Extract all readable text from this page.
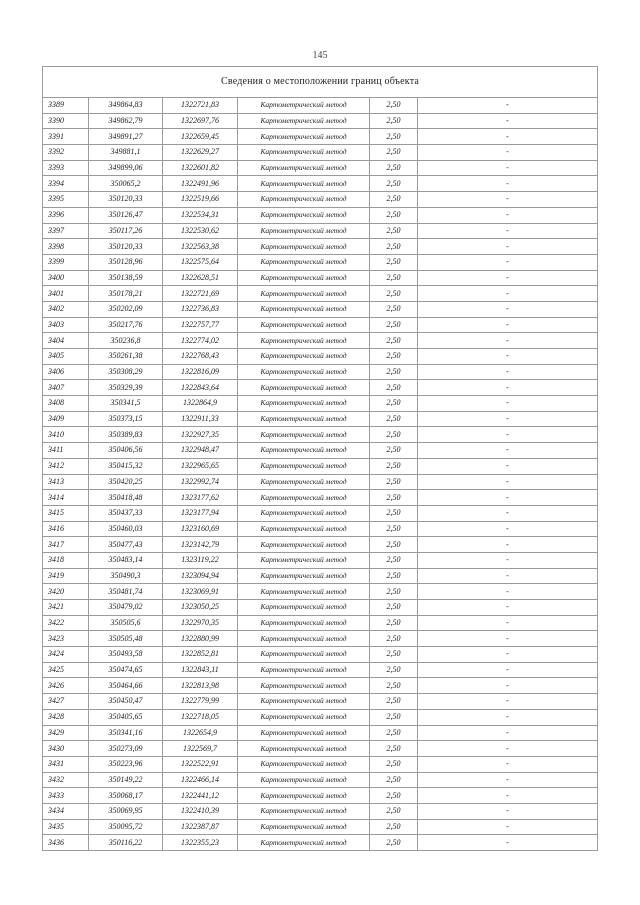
145
Сведения о местоположении границ объекта					
3389	349864,83	1322721,83	Картометрический метод	2,50	-
3390	349862,79	1322697,76	Картометрический метод	2,50	-
3391	349891,27	1322659,45	Картометрический метод	2,50	-
3392	349881,1	1322629,27	Картометрический метод	2,50	-
3393	349899,06	1322601,82	Картометрический метод	2,50	-
3394	350065,2	1322491,96	Картометрический метод	2,50	-
3395	350120,33	1322519,66	Картометрический метод	2,50	-
3396	350126,47	1322534,31	Картометрический метод	2,50	-
3397	350117,26	1322530,62	Картометрический метод	2,50	-
3398	350120,33	1322563,38	Картометрический метод	2,50	-
3399	350128,96	1322575,64	Картометрический метод	2,50	-
3400	350138,59	1322628,51	Картометрический метод	2,50	-
3401	350178,21	1322721,69	Картометрический метод	2,50	-
3402	350202,09	1322736,83	Картометрический метод	2,50	-
3403	350217,76	1322757,77	Картометрический метод	2,50	-
3404	350236,8	1322774,02	Картометрический метод	2,50	-
3405	350261,38	1322768,43	Картометрический метод	2,50	-
3406	350308,29	1322816,09	Картометрический метод	2,50	-
3407	350329,39	1322843,64	Картометрический метод	2,50	-
3408	350341,5	1322864,9	Картометрический метод	2,50	-
3409	350373,15	1322911,33	Картометрический метод	2,50	-
3410	350389,83	1322927,35	Картометрический метод	2,50	-
3411	350406,56	1322948,47	Картометрический метод	2,50	-
3412	350415,32	1322965,65	Картометрический метод	2,50	-
3413	350420,25	1322992,74	Картометрический метод	2,50	-
3414	350418,48	1323177,62	Картометрический метод	2,50	-
3415	350437,33	1323177,94	Картометрический метод	2,50	-
3416	350460,03	1323160,69	Картометрический метод	2,50	-
3417	350477,43	1323142,79	Картометрический метод	2,50	-
3418	350483,14	1323119,22	Картометрический метод	2,50	-
3419	350490,3	1323094,94	Картометрический метод	2,50	-
3420	350481,74	1323069,91	Картометрический метод	2,50	-
3421	350479,02	1323050,25	Картометрический метод	2,50	-
3422	350505,6	1322970,35	Картометрический метод	2,50	-
3423	350505,48	1322880,99	Картометрический метод	2,50	-
3424	350493,58	1322852,81	Картометрический метод	2,50	-
3425	350474,65	1322843,11	Картометрический метод	2,50	-
3426	350464,66	1322813,98	Картометрический метод	2,50	-
3427	350450,47	1322779,99	Картометрический метод	2,50	-
3428	350405,65	1322718,05	Картометрический метод	2,50	-
3429	350341,16	1322654,9	Картометрический метод	2,50	-
3430	350273,09	1322569,7	Картометрический метод	2,50	-
3431	350223,96	1322522,91	Картометрический метод	2,50	-
3432	350149,22	1322466,14	Картометрический метод	2,50	-
3433	350068,17	1322441,12	Картометрический метод	2,50	-
3434	350069,95	1322410,39	Картометрический метод	2,50	-
3435	350095,72	1322387,87	Картометрический метод	2,50	-
3436	350116,22	1322355,23	Картометрический метод	2,50	-
